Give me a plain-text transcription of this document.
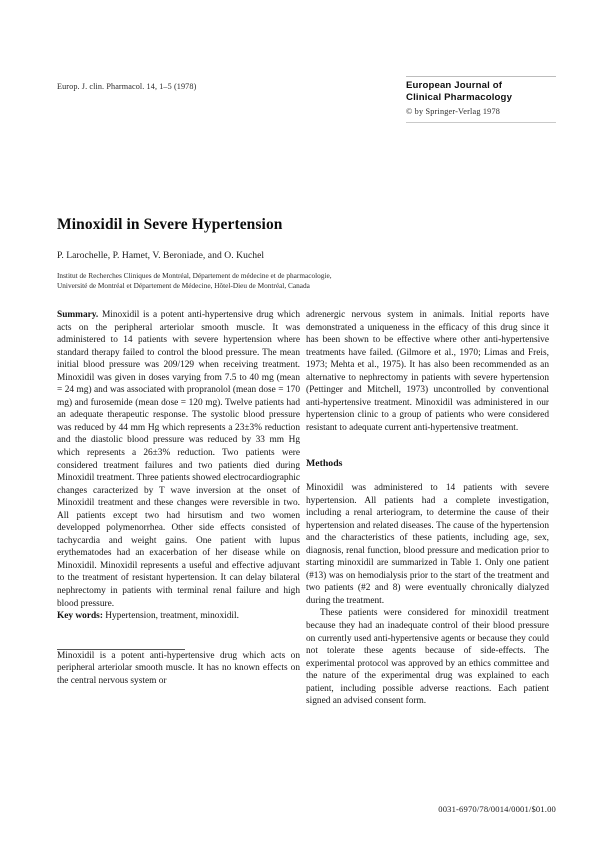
Europ. J. clin. Pharmacol. 14, 1–5 (1978)	European Journal of
Clinical Pharmacology
© by Springer-Verlag 1978
Minoxidil in Severe Hypertension
P. Larochelle, P. Hamet, V. Beroniade, and O. Kuchel
Institut de Recherches Cliniques de Montréal, Département de médecine et de pharmacologie,
Université de Montréal et Département de Médecine, Hôtel-Dieu de Montréal, Canada

Summary. Minoxidil is a potent anti-hypertensive drug which acts on the peripheral arteriolar smooth muscle. It was administered to 14 patients with severe hypertension where standard therapy failed to control the blood pressure. The mean initial blood pressure was 209/129 when receiving treatment. Minoxidil was given in doses varying from 7.5 to 40 mg (mean = 24 mg) and was associated with propranolol (mean dose = 170 mg) and furosemide (mean dose = 120 mg). Twelve patients had an adequate therapeutic response. The systolic blood pressure was reduced by 44 mm Hg which represents a 23±3% reduction and the diastolic blood pressure was reduced by 33 mm Hg which represents a 26±3% reduction. Two patients were considered treatment failures and two patients died during Minoxidil treatment. Three patients showed electrocardiographic changes caracterized by T wave inversion at the onset of Minoxidil treatment and these changes were reversible in two. All patients except two had hirsutism and two women developped polymenorrhea. Other side effects consisted of tachycardia and weight gains. One patient with lupus erythematodes had an exacerbation of her disease while on Minoxidil. Minoxidil represents a useful and effective adjuvant to the treatment of resistant hypertension. It can delay bilateral nephrectomy in patients with terminal renal failure and high blood pressure.

Key words: Hypertension, treatment, minoxidil.

Minoxidil is a potent anti-hypertensive drug which acts on peripheral arteriolar smooth muscle. It has no known effects on the central nervous system or

adrenergic nervous system in animals. Initial reports have demonstrated a uniqueness in the efficacy of this drug since it has been shown to be effective where other anti-hypertensive treatments have failed. (Gilmore et al., 1970; Limas and Freis, 1973; Mehta et al., 1975). It has also been recommended as an alternative to nephrectomy in patients with severe hypertension (Pettinger and Mitchell, 1973) uncontrolled by conventional anti-hypertensive treatment. Minoxidil was administered in our hypertension clinic to a group of patients who were considered resistant to adequate current anti-hypertensive treatment.

Methods

Minoxidil was administered to 14 patients with severe hypertension. All patients had a complete investigation, including a renal arteriogram, to determine the cause of their hypertension and related diseases. The cause of the hypertension and the characteristics of these patients, including age, sex, diagnosis, renal function, blood pressure and medication prior to starting minoxidil are summarized in Table 1. Only one patient (#13) was on hemodialysis prior to the start of the treatment and two patients (#2 and 8) were eventually chronically dialyzed during the treatment.

These patients were considered for minoxidil treatment because they had an inadequate control of their blood pressure on currently used anti-hypertensive agents or because they could not tolerate these agents because of side-effects. The experimental protocol was approved by an ethics committee and the nature of the experimental drug was explained to each patient, including possible adverse reactions. Each patient signed an advised consent form.

0031-6970/78/0014/0001/$01.00
